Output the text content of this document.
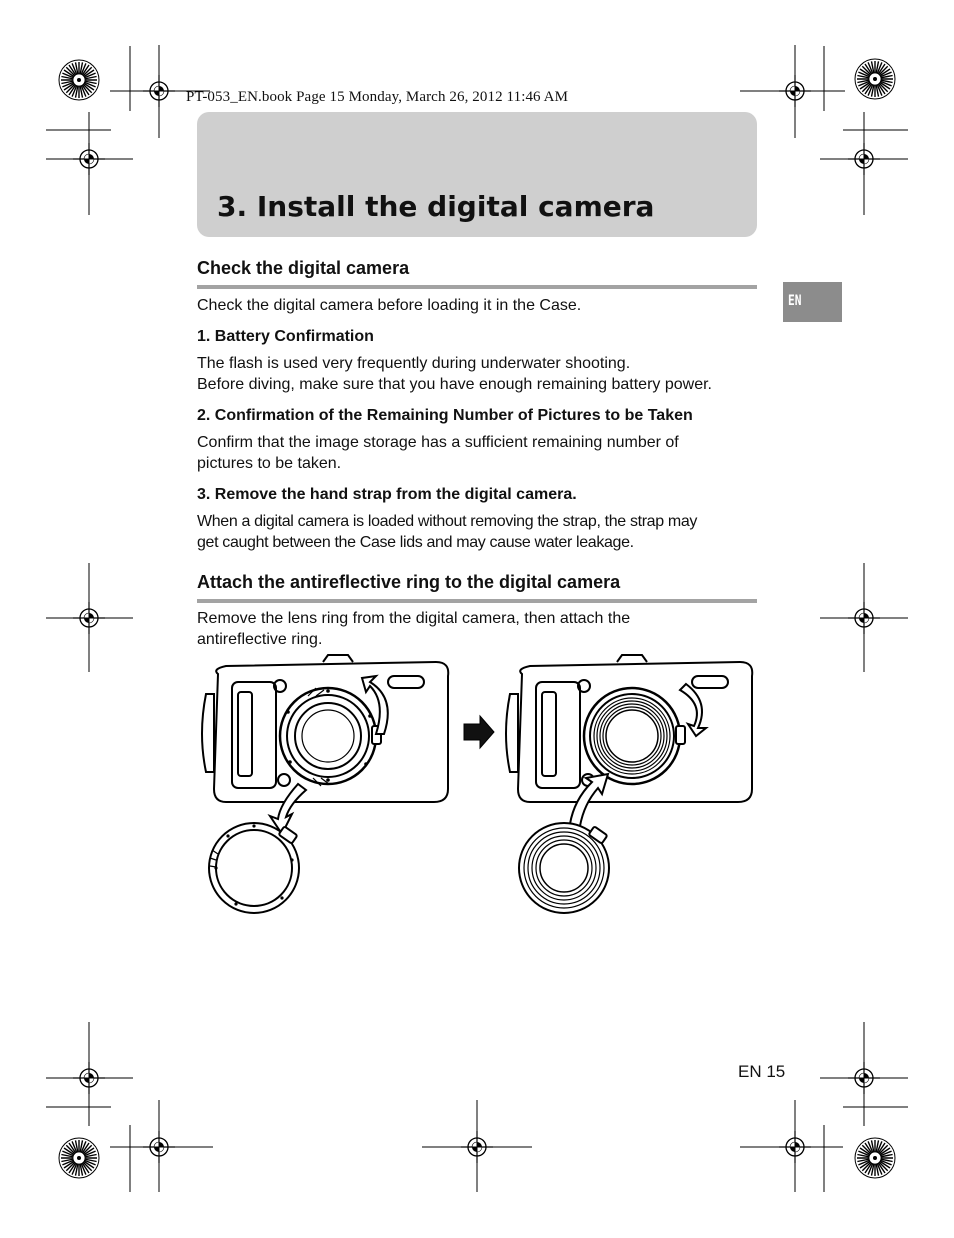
PT-053_EN.book Page 15 Monday, March 26, 2012 11:46 AM
3. Install the digital camera
EN
Check the digital camera
Check the digital camera before loading it in the Case.
1. Battery Confirmation
The flash is used very frequently during underwater shooting.
Before diving, make sure that you have enough remaining battery power.
2. Confirmation of the Remaining Number of Pictures to be Taken
Confirm that the image storage has a sufficient remaining number of
pictures to be taken.
3. Remove the hand strap from the digital camera.
When a digital camera is loaded without removing the strap, the strap may
get caught between the Case lids and may cause water leakage.
Attach the antireflective ring to the digital camera
Remove the lens ring from the digital camera, then attach the
antireflective ring.
EN 15
